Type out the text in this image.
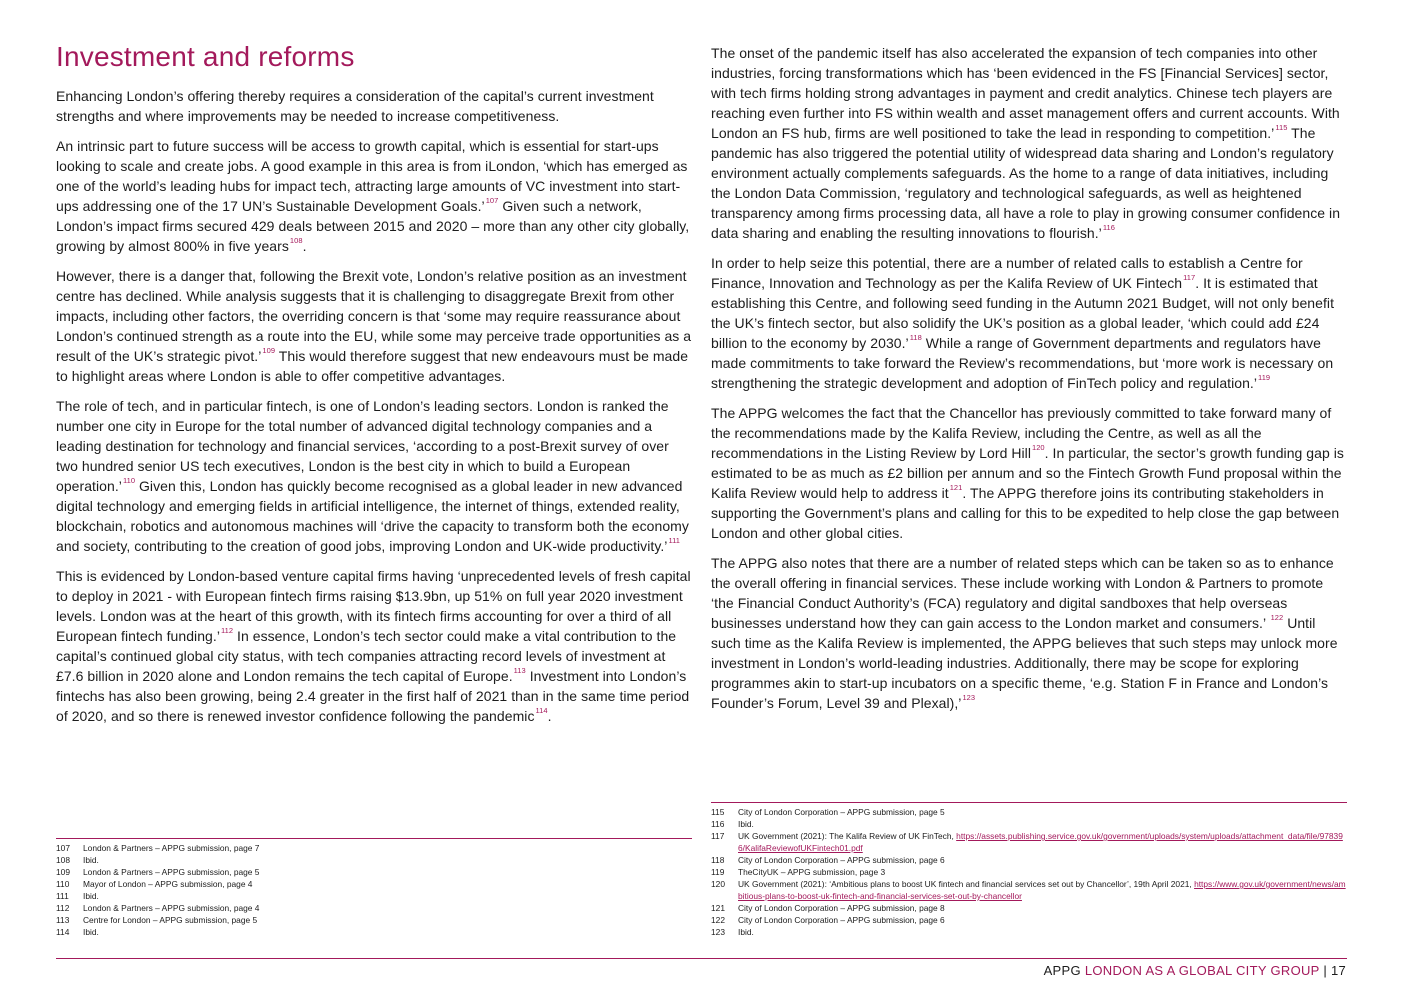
Investment and reforms

Enhancing London’s offering thereby requires a consideration of the capital’s current investment strengths and where improvements may be needed to increase competitiveness.

An intrinsic part to future success will be access to growth capital, which is essential for start-ups looking to scale and create jobs. A good example in this area is from iLondon, ‘which has emerged as one of the world’s leading hubs for impact tech, attracting large amounts of VC investment into start-ups addressing one of the 17 UN’s Sustainable Development Goals.’$^{107}$ Given such a network, London’s impact firms secured 429 deals between 2015 and 2020 – more than any other city globally, growing by almost 800% in five years$^{108}$.

However, there is a danger that, following the Brexit vote, London’s relative position as an investment centre has declined. While analysis suggests that it is challenging to disaggregate Brexit from other impacts, including other factors, the overriding concern is that ‘some may require reassurance about London’s continued strength as a route into the EU, while some may perceive trade opportunities as a result of the UK’s strategic pivot.’$^{109}$ This would therefore suggest that new endeavours must be made to highlight areas where London is able to offer competitive advantages.

The role of tech, and in particular fintech, is one of London’s leading sectors. London is ranked the number one city in Europe for the total number of advanced digital technology companies and a leading destination for technology and financial services, ‘according to a post-Brexit survey of over two hundred senior US tech executives, London is the best city in which to build a European operation.’$^{110}$ Given this, London has quickly become recognised as a global leader in new advanced digital technology and emerging fields in artificial intelligence, the internet of things, extended reality, blockchain, robotics and autonomous machines will ‘drive the capacity to transform both the economy and society, contributing to the creation of good jobs, improving London and UK-wide productivity.’$^{111}$

This is evidenced by London-based venture capital firms having ‘unprecedented levels of fresh capital to deploy in 2021 - with European fintech firms raising $13.9bn, up 51% on full year 2020 investment levels. London was at the heart of this growth, with its fintech firms accounting for over a third of all European fintech funding.’$^{112}$ In essence, London’s tech sector could make a vital contribution to the capital’s continued global city status, with tech companies attracting record levels of investment at £7.6 billion in 2020 alone and London remains the tech capital of Europe.$^{113}$ Investment into London’s fintechs has also been growing, being 2.4 greater in the first half of 2021 than in the same time period of 2020, and so there is renewed investor confidence following the pandemic$^{114}$.

The onset of the pandemic itself has also accelerated the expansion of tech companies into other industries, forcing transformations which has ‘been evidenced in the FS [Financial Services] sector, with tech firms holding strong advantages in payment and credit analytics. Chinese tech players are reaching even further into FS within wealth and asset management offers and current accounts. With London an FS hub, firms are well positioned to take the lead in responding to competition.’$^{115}$ The pandemic has also triggered the potential utility of widespread data sharing and London’s regulatory environment actually complements safeguards. As the home to a range of data initiatives, including the London Data Commission, ‘regulatory and technological safeguards, as well as heightened transparency among firms processing data, all have a role to play in growing consumer confidence in data sharing and enabling the resulting innovations to flourish.’$^{116}$

In order to help seize this potential, there are a number of related calls to establish a Centre for Finance, Innovation and Technology as per the Kalifa Review of UK Fintech$^{117}$. It is estimated that establishing this Centre, and following seed funding in the Autumn 2021 Budget, will not only benefit the UK’s fintech sector, but also solidify the UK’s position as a global leader, ‘which could add £24 billion to the economy by 2030.’$^{118}$ While a range of Government departments and regulators have made commitments to take forward the Review’s recommendations, but ‘more work is necessary on strengthening the strategic development and adoption of FinTech policy and regulation.’$^{119}$

The APPG welcomes the fact that the Chancellor has previously committed to take forward many of the recommendations made by the Kalifa Review, including the Centre, as well as all the recommendations in the Listing Review by Lord Hill$^{120}$. In particular, the sector’s growth funding gap is estimated to be as much as £2 billion per annum and so the Fintech Growth Fund proposal within the Kalifa Review would help to address it$^{121}$. The APPG therefore joins its contributing stakeholders in supporting the Government’s plans and calling for this to be expedited to help close the gap between London and other global cities.

The APPG also notes that there are a number of related steps which can be taken so as to enhance the overall offering in financial services. These include working with London & Partners to promote ‘the Financial Conduct Authority’s (FCA) regulatory and digital sandboxes that help overseas businesses understand how they can gain access to the London market and consumers.’ $^{122}$ Until such time as the Kalifa Review is implemented, the APPG believes that such steps may unlock more investment in London’s world-leading industries. Additionally, there may be scope for exploring programmes akin to start-up incubators on a specific theme, ‘e.g. Station F in France and London’s Founder’s Forum, Level 39 and Plexal),’$^{123}$

115	City of London Corporation – APPG submission, page 5
116	Ibid.
117	UK Government (2021): The Kalifa Review of UK FinTech, https://assets.publishing.service.gov.uk/government/uploads/system/uploads/attachment_data/file/978396/KalifaReviewofUKFintech01.pdf
118	City of London Corporation – APPG submission, page 6
119	TheCityUK – APPG submission, page 3
120	UK Government (2021): ‘Ambitious plans to boost UK fintech and financial services set out by Chancellor’, 19th April 2021, https://www.gov.uk/government/news/ambitious-plans-to-boost-uk-fintech-and-financial-services-set-out-by-chancellor
121	City of London Corporation – APPG submission, page 8
122	City of London Corporation – APPG submission, page 6
123	Ibid.
107	London & Partners – APPG submission, page 7
108	Ibid.
109	London & Partners – APPG submission, page 5
110	Mayor of London – APPG submission, page 4
111	Ibid.
112	London & Partners – APPG submission, page 4
113	Centre for London – APPG submission, page 5
114	Ibid.
APPG LONDON AS A GLOBAL CITY GROUP | 17
